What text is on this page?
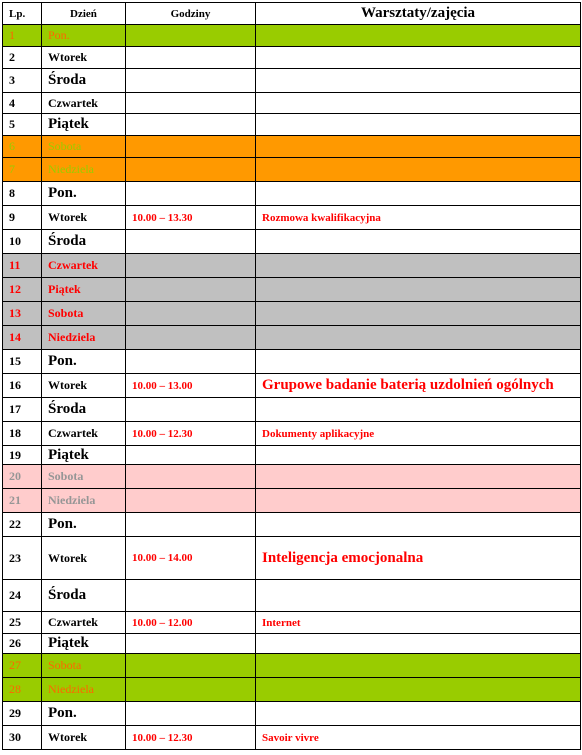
Lp.	Dzień	Godziny	Warsztaty/zajęcia
1	Pon.		
2	Wtorek		
3	Środa		
4	Czwartek		
5	Piątek		
6	Sobota		
7	Niedziela		
8	Pon.		
9	Wtorek	10.00 – 13.30	Rozmowa kwalifikacyjna
10	Środa		
11	Czwartek		
12	Piątek		
13	Sobota		
14	Niedziela		
15	Pon.		
16	Wtorek	10.00 – 13.00	Grupowe badanie baterią uzdolnień ogólnych
17	Środa		
18	Czwartek	10.00 – 12.30	Dokumenty aplikacyjne
19	Piątek		
20	Sobota		
21	Niedziela		
22	Pon.		
23	Wtorek	10.00 – 14.00	Inteligencja emocjonalna
24	Środa		
25	Czwartek	10.00 – 12.00	Internet
26	Piątek		
27	Sobota		
28	Niedziela		
29	Pon.		
30	Wtorek	10.00 – 12.30	Savoir vivre
